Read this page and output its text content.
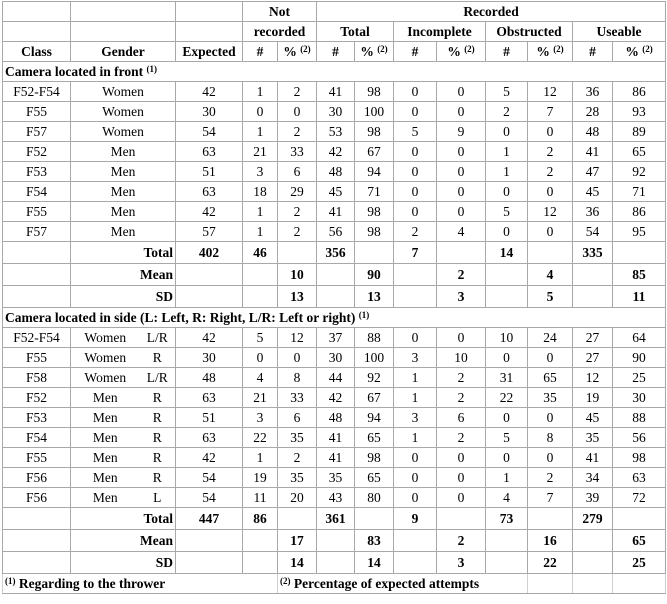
				Not		Recorded							
				recorded		Total		Incomplete		Obstructed		Useable	
Class	Gender		Expected	#	% $^{(2)}$	#	% $^{(2)}$	#	% $^{(2)}$	#	% $^{(2)}$	#	% $^{(2)}$
Camera located in front $^{(1)}$
F52-F54	Women		42	1	2	41	98	0	0	5	12	36	86
F55	Women		30	0	0	30	100	0	0	2	7	28	93
F57	Women		54	1	2	53	98	5	9	0	0	48	89
F52	Men		63	21	33	42	67	0	0	1	2	41	65
F53	Men		51	3	6	48	94	0	0	1	2	47	92
F54	Men		63	18	29	45	71	0	0	0	0	45	71
F55	Men		42	1	2	41	98	0	0	5	12	36	86
F57	Men		57	1	2	56	98	2	4	0	0	54	95
	Total		402	46		356		7		14		335	
	Mean				10		90		2		4		85
	SD				13		13		3		5		11
Camera located in side (L: Left, R: Right, L/R: Left or right) $^{(1)}$
F52-F54	Women	L/R	42	5	12	37	88	0	0	10	24	27	64
F55	Women	R	30	0	0	30	100	3	10	0	0	27	90
F58	Women	L/R	48	4	8	44	92	1	2	31	65	12	25
F52	Men	R	63	21	33	42	67	1	2	22	35	19	30
F53	Men	R	51	3	6	48	94	3	6	0	0	45	88
F54	Men	R	63	22	35	41	65	1	2	5	8	35	56
F55	Men	R	42	1	2	41	98	0	0	0	0	41	98
F56	Men	R	54	19	35	35	65	0	0	1	2	34	63
F56	Men	L	54	11	20	43	80	0	0	4	7	39	72
	Total		447	86		361		9		73		279	
	Mean				17		83		2		16		65
	SD				14		14		3		22		25
$^{(1)}$ Regarding to the thrower					$^{(2)}$ Percentage of expected attempts								
